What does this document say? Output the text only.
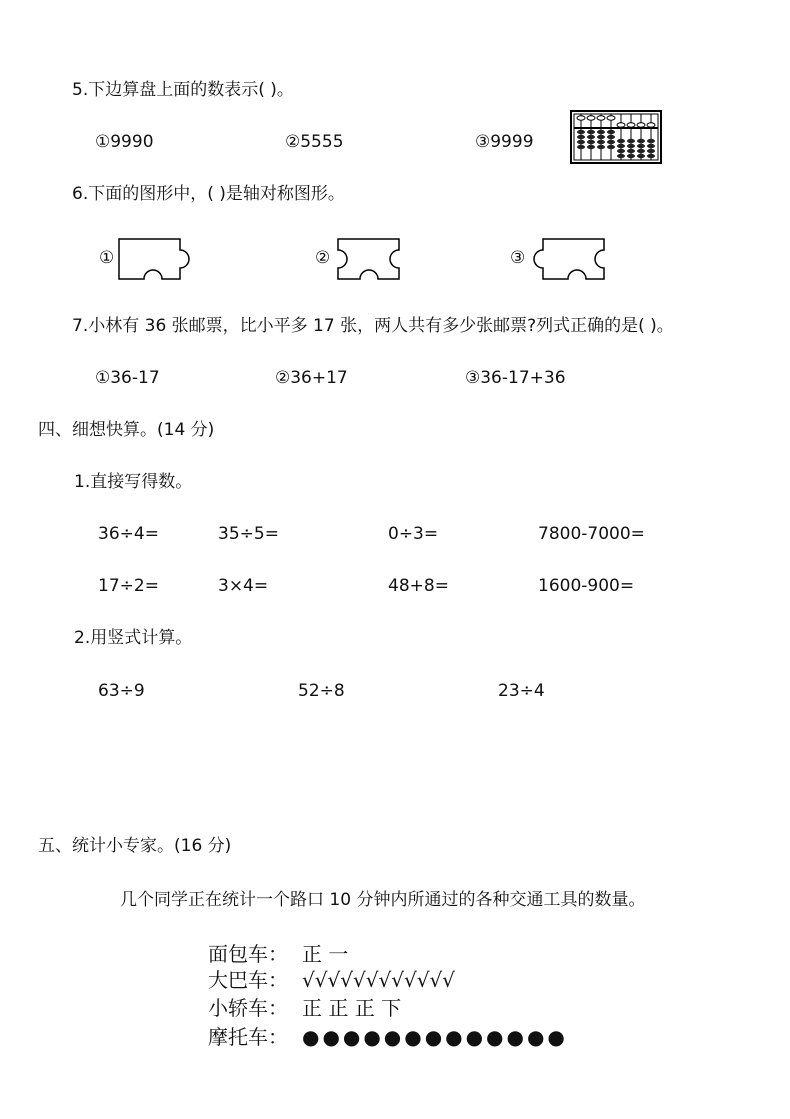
5.下边算盘上面的数表示( )。
①9990	②5555	③9999
6.下面的图形中，( )是轴对称图形。
①	②	③
7.小林有 36 张邮票，比小平多 17 张，两人共有多少张邮票?列式正确的是( )。
①36-17	②36+17	③36-17+36
四、细想快算。(14 分)
1.直接写得数。
36÷4=	35÷5=	0÷3=	7800-7000=
17÷2=	3×4=	48+8=	1600-900=
2.用竖式计算。
63÷9	52÷8	23÷4
五、统计小专家。(16 分)
几个同学正在统计一个路口 10 分钟内所通过的各种交通工具的数量。
面包车： 正 一
大巴车： √√√√√√√√√√√√
小轿车： 正 正 正 下
摩托车： ●●●●●●●●●●●●●
